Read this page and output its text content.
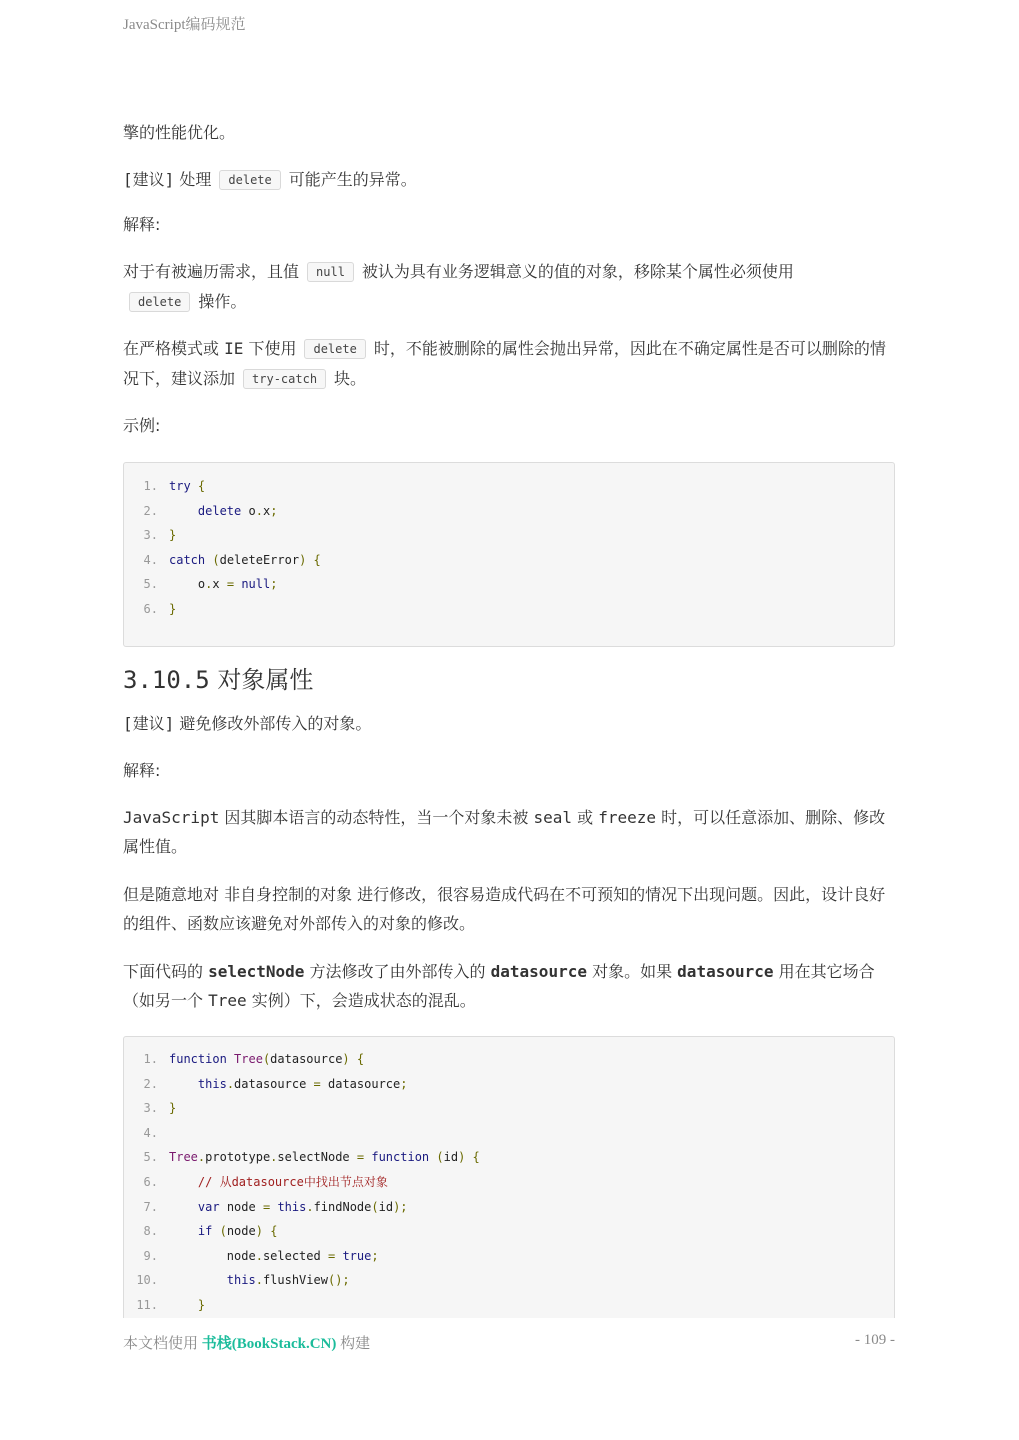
JavaScript编码规范
擎的性能优化。
[建议] 处理 delete 可能产生的异常。
解释:
对于有被遍历需求，且值 null 被认为具有业务逻辑意义的值的对象，移除某个属性必须使用
delete 操作。
在严格模式或 IE 下使用 delete 时，不能被删除的属性会抛出异常，因此在不确定属性是否可以删除的情况下，建议添加 try-catch 块。
示例:
1. try {
2.	delete o.x;
3. }
4. catch (deleteError) {
5.	o.x = null;
6. }
3.10.5 对象属性
[建议] 避免修改外部传入的对象。
解释:
JavaScript 因其脚本语言的动态特性，当一个对象未被 seal 或 freeze 时，可以任意添加、删除、修改属性值。
但是随意地对 非自身控制的对象 进行修改，很容易造成代码在不可预知的情况下出现问题。因此，设计良好的组件、函数应该避免对外部传入的对象的修改。
下面代码的 selectNode 方法修改了由外部传入的 datasource 对象。如果 datasource 用在其它场合（如另一个 Tree 实例）下，会造成状态的混乱。
1. function Tree(datasource) {
2.	this.datasource = datasource;
3. }
4.
5. Tree.prototype.selectNode = function (id) {
6.	// 从datasource中找出节点对象
7.	var node = this.findNode(id);
8.	if (node) {
9.	node.selected = true;
10.	this.flushView();
11.	}
本文档使用 书栈(BookStack.CN) 构建	- 109 -
